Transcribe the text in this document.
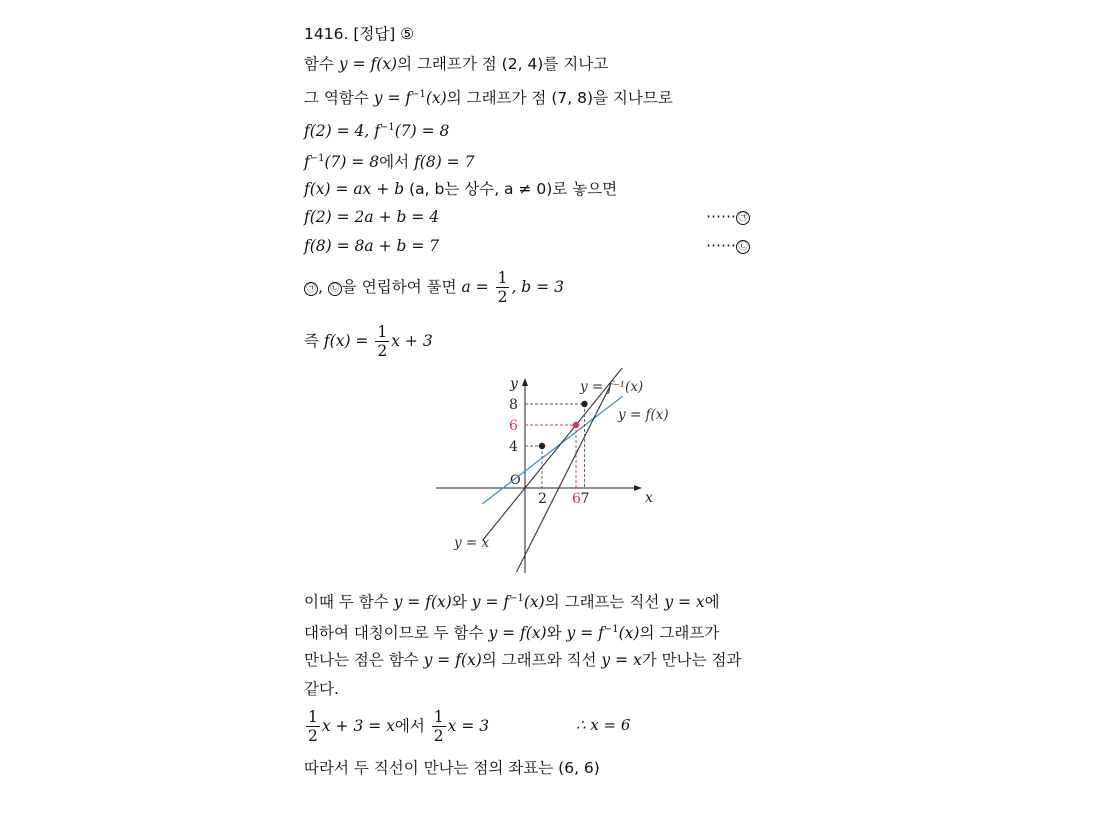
1416. [정답] ⑤
함수 y = f(x)의 그래프가 점 (2, 4)를 지나고
그 역함수 $y = f^{-1}(x)$의 그래프가 점 (7, 8)을 지나므로
f(2) = 4, $f^{-1}(7) = 8$
$f^{-1}(7) = 8$에서 f(8) = 7
f(x) = ax + b (a, b는 상수, a ≠ 0)로 놓으면
f(2) = 2a + b = 4	⋯⋯ ㉠
f(8) = 8a + b = 7	⋯⋯ ㉡
㉠ , ㉡ 을 연립하여 풀면 $a = \frac{1}{2}$ , b = 3
즉 $f(x) = \frac{1}{2}$ x + 3
x
y
O
2 6 7
8
6
4
y = f⁻¹(x)
y = f(x)
y = x
이때 두 함수 y = f(x)와 $y = f^{-1}(x)$의 그래프는 직선 y = x에
대하여 대칭이므로 두 함수 y = f(x)와 $y = f^{-1}(x)$의 그래프가
만나는 점은 함수 y = f(x)의 그래프와 직선 y = x가 만나는 점과
같다.
$\frac{1}{2}$ x + 3 = x에서 $\frac{1}{2}$ x = 3	∴ x = 6
따라서 두 직선이 만나는 점의 좌표는 (6, 6)
